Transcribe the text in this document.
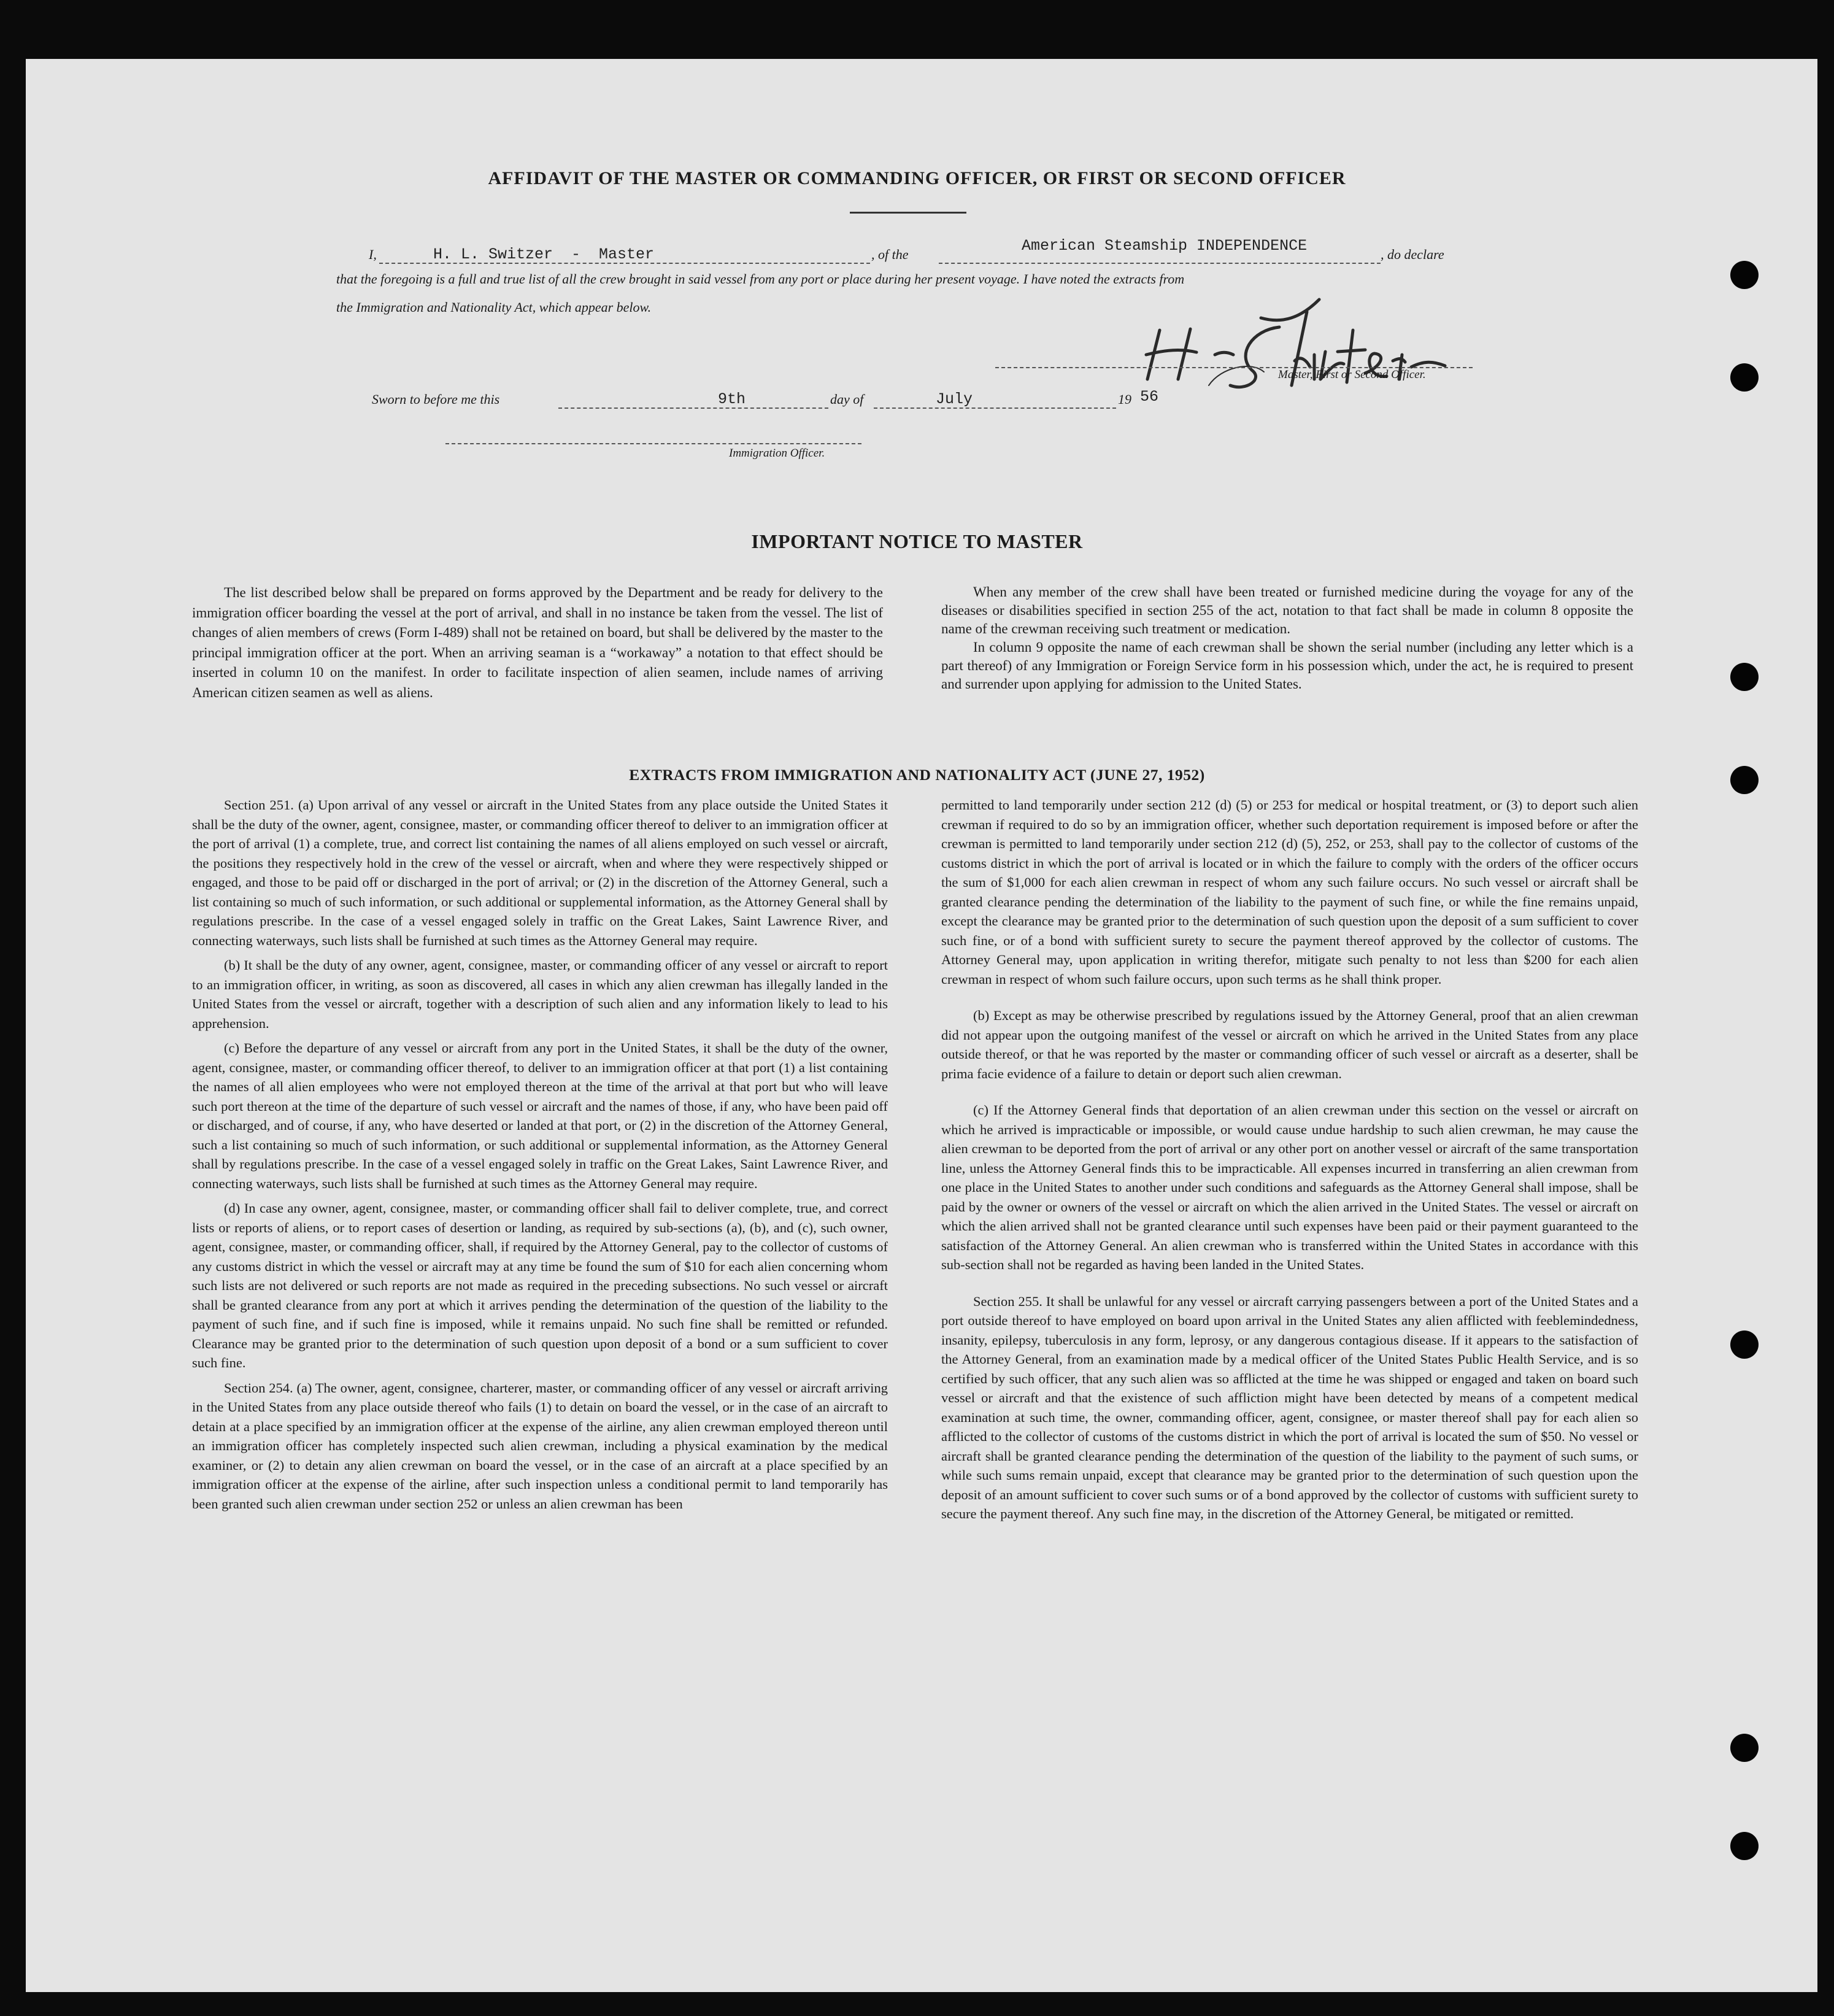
AFFIDAVIT OF THE MASTER OR COMMANDING OFFICER, OR FIRST OR SECOND OFFICER
I,	H. L. Switzer  -  Master	, of the	American Steamship INDEPENDENCE	, do declare
that the foregoing is a full and true list of all the crew brought in said vessel from any port or place during her present voyage. I have noted the extracts from
the Immigration and Nationality Act, which appear below.
Master, First or Second Officer.
Sworn to before me this	9th	day of	July	19 56
Immigration Officer.
IMPORTANT NOTICE TO MASTER

The list described below shall be prepared on forms approved by the Department and be ready for delivery to the immigration officer boarding the vessel at the port of arrival, and shall in no instance be taken from the vessel. The list of changes of alien members of crews (Form I-489) shall not be retained on board, but shall be delivered by the master to the principal immigration officer at the port. When an arriving seaman is a “workaway” a notation to that effect should be inserted in column 10 on the manifest. In order to facilitate inspection of alien seamen, include names of arriving American citizen seamen as well as aliens.

When any member of the crew shall have been treated or furnished medicine during the voyage for any of the diseases or disabilities specified in section 255 of the act, notation to that fact shall be made in column 8 opposite the name of the crewman receiving such treatment or medication.

In column 9 opposite the name of each crewman shall be shown the serial number (including any letter which is a part thereof) of any Immigration or Foreign Service form in his possession which, under the act, he is required to present and surrender upon applying for admission to the United States.

EXTRACTS FROM IMMIGRATION AND NATIONALITY ACT (JUNE 27, 1952)

Section 251. (a) Upon arrival of any vessel or aircraft in the United States from any place outside the United States it shall be the duty of the owner, agent, consignee, master, or commanding officer thereof to deliver to an immigration officer at the port of arrival (1) a complete, true, and correct list containing the names of all aliens employed on such vessel or aircraft, the positions they respectively hold in the crew of the vessel or aircraft, when and where they were respectively shipped or engaged, and those to be paid off or discharged in the port of arrival; or (2) in the discretion of the Attorney General, such a list containing so much of such information, or such additional or supplemental information, as the Attorney General shall by regulations prescribe. In the case of a vessel engaged solely in traffic on the Great Lakes, Saint Lawrence River, and connecting waterways, such lists shall be furnished at such times as the Attorney General may require.

(b) It shall be the duty of any owner, agent, consignee, master, or commanding officer of any vessel or aircraft to report to an immigration officer, in writing, as soon as discovered, all cases in which any alien crewman has illegally landed in the United States from the vessel or aircraft, together with a description of such alien and any information likely to lead to his apprehension.

(c) Before the departure of any vessel or aircraft from any port in the United States, it shall be the duty of the owner, agent, consignee, master, or commanding officer thereof, to deliver to an immigration officer at that port (1) a list containing the names of all alien employees who were not employed thereon at the time of the arrival at that port but who will leave such port thereon at the time of the departure of such vessel or aircraft and the names of those, if any, who have been paid off or discharged, and of course, if any, who have deserted or landed at that port, or (2) in the discretion of the Attorney General, such a list containing so much of such information, or such additional or supplemental information, as the Attorney General shall by regulations prescribe. In the case of a vessel engaged solely in traffic on the Great Lakes, Saint Lawrence River, and connecting waterways, such lists shall be furnished at such times as the Attorney General may require.

(d) In case any owner, agent, consignee, master, or commanding officer shall fail to deliver complete, true, and correct lists or reports of aliens, or to report cases of desertion or landing, as required by sub-sections (a), (b), and (c), such owner, agent, consignee, master, or commanding officer, shall, if required by the Attorney General, pay to the collector of customs of any customs district in which the vessel or aircraft may at any time be found the sum of $10 for each alien concerning whom such lists are not delivered or such reports are not made as required in the preceding subsections. No such vessel or aircraft shall be granted clearance from any port at which it arrives pending the determination of the question of the liability to the payment of such fine, and if such fine is imposed, while it remains unpaid. No such fine shall be remitted or refunded. Clearance may be granted prior to the determination of such question upon deposit of a bond or a sum sufficient to cover such fine.

Section 254. (a) The owner, agent, consignee, charterer, master, or commanding officer of any vessel or aircraft arriving in the United States from any place outside thereof who fails (1) to detain on board the vessel, or in the case of an aircraft to detain at a place specified by an immigration officer at the expense of the airline, any alien crewman employed thereon until an immigration officer has completely inspected such alien crewman, including a physical examination by the medical examiner, or (2) to detain any alien crewman on board the vessel, or in the case of an aircraft at a place specified by an immigration officer at the expense of the airline, after such inspection unless a conditional permit to land temporarily has been granted such alien crewman under section 252 or unless an alien crewman has been

permitted to land temporarily under section 212 (d) (5) or 253 for medical or hospital treatment, or (3) to deport such alien crewman if required to do so by an immigration officer, whether such deportation requirement is imposed before or after the crewman is permitted to land temporarily under section 212 (d) (5), 252, or 253, shall pay to the collector of customs of the customs district in which the port of arrival is located or in which the failure to comply with the orders of the officer occurs the sum of $1,000 for each alien crewman in respect of whom any such failure occurs. No such vessel or aircraft shall be granted clearance pending the determination of the liability to the payment of such fine, or while the fine remains unpaid, except the clearance may be granted prior to the determination of such question upon the deposit of a sum sufficient to cover such fine, or of a bond with sufficient surety to secure the payment thereof approved by the collector of customs. The Attorney General may, upon application in writing therefor, mitigate such penalty to not less than $200 for each alien crewman in respect of whom such failure occurs, upon such terms as he shall think proper.

(b) Except as may be otherwise prescribed by regulations issued by the Attorney General, proof that an alien crewman did not appear upon the outgoing manifest of the vessel or aircraft on which he arrived in the United States from any place outside thereof, or that he was reported by the master or commanding officer of such vessel or aircraft as a deserter, shall be prima facie evidence of a failure to detain or deport such alien crewman.

(c) If the Attorney General finds that deportation of an alien crewman under this section on the vessel or aircraft on which he arrived is impracticable or impossible, or would cause undue hardship to such alien crewman, he may cause the alien crewman to be deported from the port of arrival or any other port on another vessel or aircraft of the same transportation line, unless the Attorney General finds this to be impracticable. All expenses incurred in transferring an alien crewman from one place in the United States to another under such conditions and safeguards as the Attorney General shall impose, shall be paid by the owner or owners of the vessel or aircraft on which the alien arrived in the United States. The vessel or aircraft on which the alien arrived shall not be granted clearance until such expenses have been paid or their payment guaranteed to the satisfaction of the Attorney General. An alien crewman who is transferred within the United States in accordance with this sub-section shall not be regarded as having been landed in the United States.

Section 255. It shall be unlawful for any vessel or aircraft carrying passengers between a port of the United States and a port outside thereof to have employed on board upon arrival in the United States any alien afflicted with feeblemindedness, insanity, epilepsy, tuberculosis in any form, leprosy, or any dangerous contagious disease. If it appears to the satisfaction of the Attorney General, from an examination made by a medical officer of the United States Public Health Service, and is so certified by such officer, that any such alien was so afflicted at the time he was shipped or engaged and taken on board such vessel or aircraft and that the existence of such affliction might have been detected by means of a competent medical examination at such time, the owner, commanding officer, agent, consignee, or master thereof shall pay for each alien so afflicted to the collector of customs of the customs district in which the port of arrival is located the sum of $50. No vessel or aircraft shall be granted clearance pending the determination of the question of the liability to the payment of such sums, or while such sums remain unpaid, except that clearance may be granted prior to the determination of such question upon the deposit of an amount sufficient to cover such sums or of a bond approved by the collector of customs with sufficient surety to secure the payment thereof. Any such fine may, in the discretion of the Attorney General, be mitigated or remitted.
